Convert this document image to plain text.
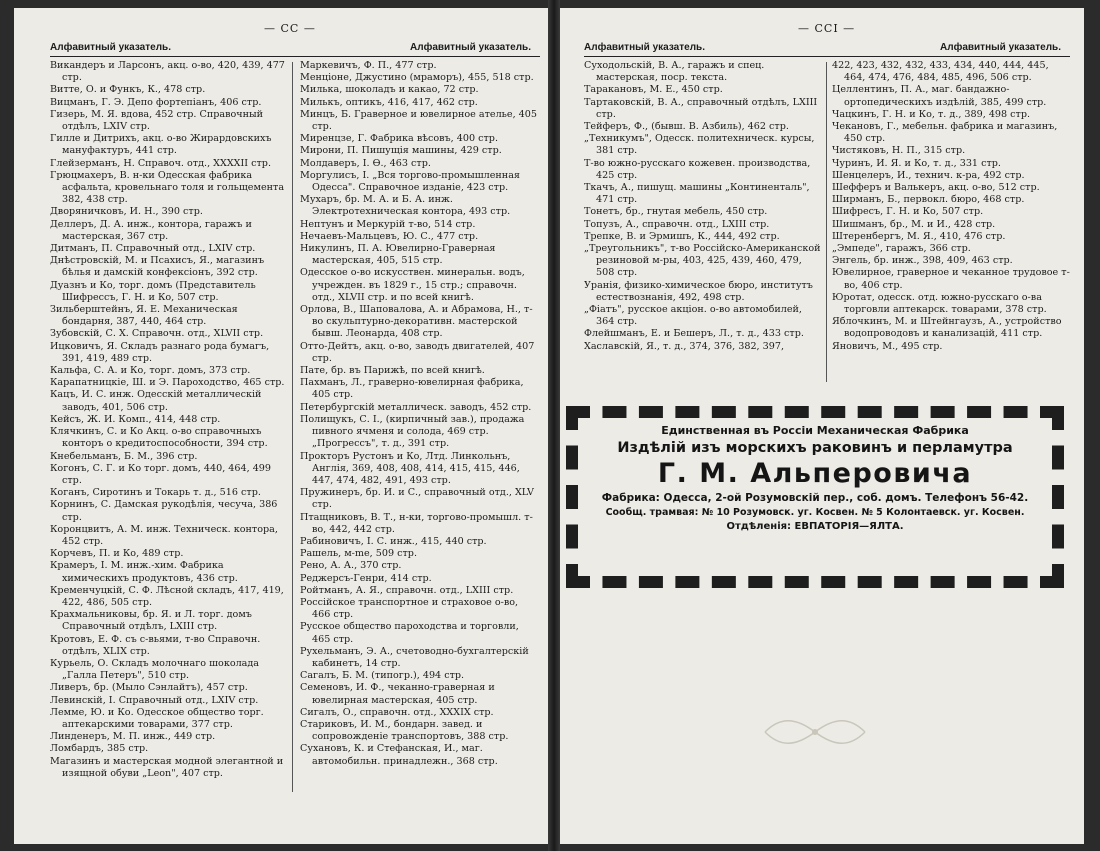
— CC —
Алфавитный указатель.	Алфавитный указатель.
Викандеръ и Ларсонъ, акц. о-во, 420, 439, 477 стр.
Витте, О. и Функъ, К., 478 стр.
Вицманъ, Г. Э. Депо фортепiанъ, 406 стр.
Гизерь, М. Я. вдова, 452 стр. Справочный отдѣлъ, LXIV стр.
Гилле и Дитрихъ, акц. о-во Жирардовскихъ мануфактуръ, 441 стр.
Глейзерманъ, Н. Справоч. отд., XXXXII стр.
Грюцмахеръ, В. н-ки Одесская фабрика асфальта, кровельнаго толя и гольщемента 382, 438 стр.
Дворяничковъ, И. Н., 390 стр.
Деллеръ, Д. А. инж., контора, гаражъ и мастерская, 367 стр.
Дитманъ, П. Справочный отд., LXIV стр.
Днѣстровскiй, М. и Псахисъ, Я., магазинъ бѣлья и дамскiй конфексiонъ, 392 стр.
Дуазнъ и Ко, торг. домъ (Представитель Шифрессъ, Г. Н. и Ко, 507 стр.
Зильберштейнъ, Я. Е. Механическая бондарня, 387, 440, 464 стр.
Зубовскiй, С. Х. Справочн. отд., XLVII стр.
Ицковичъ, Я. Складъ разнаго рода бумагъ, 391, 419, 489 стр.
Кальфа, С. А. и Ко, торг. домъ, 373 стр.
Карапатницкiе, Ш. и Э. Пароходство, 465 стр.
Кацъ, И. С. инж. Одесскiй металлическiй заводъ, 401, 506 стр.
Кейсъ, Ж. И. Комп., 414, 448 стр.
Клячкинъ, С. и Ко Акц. о-во справочныхъ конторъ о кредитоспособности, 394 стр.
Кнебельманъ, Б. М., 396 стр.
Когонъ, С. Г. и Ко торг. домъ, 440, 464, 499 стр.
Коганъ, Сиротинъ и Токарь т. д., 516 стр.
Корнинъ, С. Дамская рукодѣлiя, чесуча, 386 стр.
Коронцвитъ, А. М. инж. Техническ. контора, 452 стр.
Корчевъ, П. и Ко, 489 стр.
Крамеръ, I. М. инж.-хим. Фабрика химическихъ продуктовъ, 436 стр.
Кременчуцкiй, С. Ф. Лѣсной складъ, 417, 419, 422, 486, 505 стр.
Крахмальниковы, бр. Я. и Л. торг. домъ Справочный отдѣлъ, LXIII стр.
Кротовъ, Е. Ф. съ с-вьями, т-во Справочн. отдѣлъ, XLIX стр.
Курьель, О. Складъ молочнаго шоколада „Галла Петеръ", 510 стр.
Ливеръ, бр. (Мыло Сэнлайтъ), 457 стр.
Левинскiй, I. Справочный отд., LXIV стр.
Лемме, Ю. и Ко. Одесское общество торг. аптекарскими товарами, 377 стр.
Линденеръ, М. П. инж., 449 стр.
Ломбардъ, 385 стр.
Магазинъ и мастерская модной элегантной и изящной обуви „Leon", 407 стр.
Маркевичъ, Ф. П., 477 стр.
Менцiоне, Джустино (мраморъ), 455, 518 стр.
Милька, шоколадъ и какао, 72 стр.
Милькъ, оптикъ, 416, 417, 462 стр.
Минцъ, Б. Граверное и ювелирное ателье, 405 стр.
Миренцзе, Г. Фабрика вѣсовъ, 400 стр.
Мирони, П. Пишущiя машины, 429 стр.
Молдаверъ, I. Ѳ., 463 стр.
Моргулисъ, I. „Вся торгово-промышленная Одесса". Справочное изданiе, 423 стр.
Мухаръ, бр. М. А. и Б. А. инж. Электротехническая контора, 493 стр.
Нептунъ и Меркурiй т-во, 514 стр.
Нечаевъ-Мальцевъ, Ю. С., 477 стр.
Никулинъ, П. А. Ювелирно-Граверная мастерская, 405, 515 стр.
Одесское о-во искусствен. минеральн. водъ, учрежден. въ 1829 г., 15 стр.; справочн. отд., XLVII стр. и по всей книгѣ.
Орлова, В., Шаповалова, А. и Абрамова, Н., т-во скульптурно-декоративн. мастерской бывш. Леонарда, 408 стр.
Отто-Дейтъ, акц. о-во, заводъ двигателей, 407 стр.
Пате, бр. въ Парижѣ, по всей книгѣ.
Пахманъ, Л., гравернo-ювелирная фабрика, 405 стр.
Петербургскiй металлическ. заводъ, 452 стр.
Полищукъ, С. I., (кирпичный зав.), продажа пивного ячменя и солода, 469 стр. „Прогрессъ", т. д., 391 стр.
Прокторъ Рустонъ и Ко, Лтд. Линкольнъ, Англiя, 369, 408, 408, 414, 415, 415, 446, 447, 474, 482, 491, 493 стр.
Пружинеръ, бр. И. и С., справочный отд., XLV стр.
Птащниковъ, В. Т., н-ки, торгово-промышл. т-во, 442, 442 стр.
Рабиновичъ, I. С. инж., 415, 440 стр.
Рашель, м-me, 509 стр.
Рено, А. А., 370 стр.
Реджерсъ-Генри, 414 стр.
Ройтманъ, А. Я., справочн. отд., LXIII стр.
Россiйское транспортное и страховое о-во, 466 стр.
Русское общество пароходства и торговли, 465 стр.
Рухельманъ, Э. А., счетоводно-бухгалтерскiй кабинетъ, 14 стр.
Сагалъ, Б. М. (типогр.), 494 стр.
Семеновъ, И. Ф., чеканно-граверная и ювелирная мастерская, 405 стр.
Сигалъ, О., справочн. отд., XXXIX стр.
Стариковъ, И. М., бондарн. завед. и сопровожденiе транспортовъ, 388 стр.
Сухановъ, К. и Стефанская, И., маг. автомобильн. принадлежн., 368 стр.
— CCI —
Алфавитный указатель.	Алфавитный указатель.
Суходольскiй, В. А., гаражъ и спец. мастерская, поср. текста.
Таракановъ, М. Е., 450 стр.
Тартаковскiй, В. А., справочный отдѣлъ, LXIII стр.
Тейферъ, Ф., (бывш. В. Азбиль), 462 стр.
„Техникумъ", Одесск. политехническ. курсы, 381 стр.
Т-во южно-русскаго кожевен. производства, 425 стр.
Ткачъ, А., пишущ. машины „Континенталь", 471 стр.
Тонетъ, бр., гнутая мебель, 450 стр.
Топузъ, А., справочн. отд., LXIII стр.
Трепке, В. и Эрмишъ, К., 444, 492 стр.
„Треугольникъ", т-во Россiйско-Американской резиновой м-ры, 403, 425, 439, 460, 479, 508 стр.
Уранiя, физико-химическое бюро, институтъ естествознанiя, 492, 498 стр.
„Фiатъ", русское акцiон. о-во автомобилей, 364 стр.
Флейшманъ, Е. и Бешеръ, Л., т. д., 433 стр.
Хаславскiй, Я., т. д., 374, 376, 382, 397,
422, 423, 432, 432, 433, 434, 440, 444, 445, 464, 474, 476, 484, 485, 496, 506 стр.
Целлентинъ, П. А., маг. бандажно-ортопедическихъ издѣлiй, 385, 499 стр.
Чацкинъ, Г. Н. и Ко, т. д., 389, 498 стр.
Чекановъ, Г., мебельн. фабрика и магазинъ, 450 стр.
Чистяковъ, Н. П., 315 стр.
Чуринъ, И. Я. и Ко, т. д., 331 стр.
Шенцелеръ, И., технич. к-ра, 492 стр.
Шефферъ и Валькеръ, акц. о-во, 512 стр.
Ширманъ, Б., первокл. бюро, 468 стр.
Шифресъ, Г. Н. и Ко, 507 стр.
Шишманъ, бр., М. и И., 428 стр.
Штеренбергъ, М. Я., 410, 476 стр.
„Эмпеде", гаражъ, 366 стр.
Энгель, бр. инж., 398, 409, 463 стр.
Ювелирное, граверное и чеканное трудовое т-во, 406 стр.
Юротат, одесск. отд. южно-русскаго о-ва торговли аптекарск. товарами, 378 стр.
Яблочкинъ, М. и Штейнгаузъ, А., устройство водопроводовъ и канализацiй, 411 стр.
Яновичъ, М., 495 стр.
Единственная въ Россiи Механическая Фабрика
Издѣлiй изъ морскихъ раковинъ и перламутра
Г. М. Альперовича
Фабрика: Одесса, 2-ой Розумовскiй пер., соб. домъ. Телефонъ 56-42.
Сообщ. трамвая: № 10 Розумовск. уг. Косвен. № 5 Колонтаевск. уг. Косвен.
Отдѣленiя: ЕВПАТОРIЯ—ЯЛТА.
